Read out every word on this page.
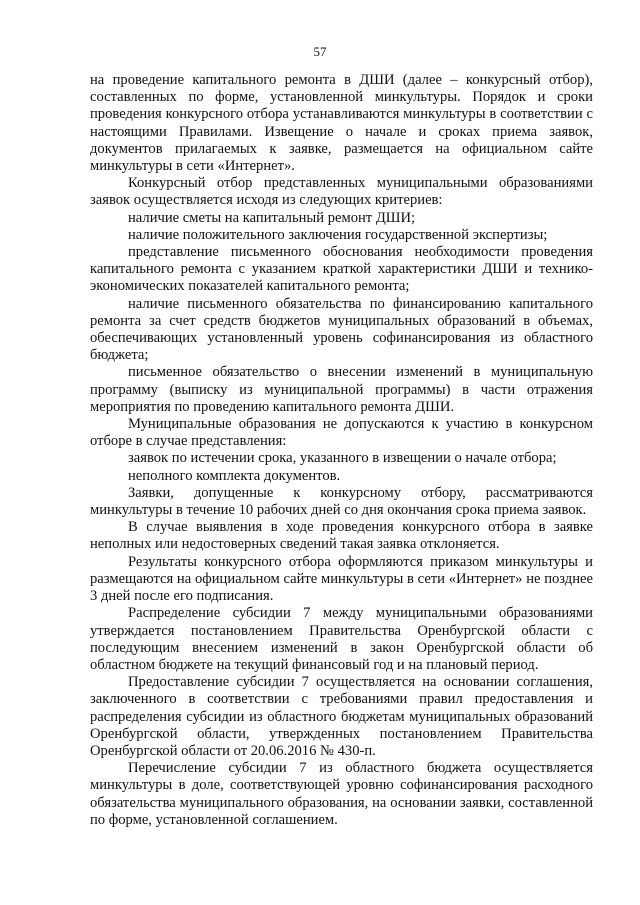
57

на проведение капитального ремонта в ДШИ (далее – конкурсный отбор), составленных по форме, установленной минкультуры. Порядок и сроки проведения конкурсного отбора устанавливаются минкультуры в соответствии с настоящими Правилами. Извещение о начале и сроках приема заявок, документов прилагаемых к заявке, размещается на официальном сайте минкультуры в сети «Интернет».

Конкурсный отбор представленных муниципальными образованиями заявок осуществляется исходя из следующих критериев:

наличие сметы на капитальный ремонт ДШИ;

наличие положительного заключения государственной экспертизы;

представление письменного обоснования необходимости проведения капитального ремонта с указанием краткой характеристики ДШИ и технико-экономических показателей капитального ремонта;

наличие письменного обязательства по финансированию капитального ремонта за счет средств бюджетов муниципальных образований в объемах, обеспечивающих установленный уровень софинансирования из областного бюджета;

письменное обязательство о внесении изменений в муниципальную программу (выписку из муниципальной программы) в части отражения мероприятия по проведению капитального ремонта ДШИ.

Муниципальные образования не допускаются к участию в конкурсном отборе в случае представления:

заявок по истечении срока, указанного в извещении о начале отбора;

неполного комплекта документов.

Заявки, допущенные к конкурсному отбору, рассматриваются минкультуры в течение 10 рабочих дней со дня окончания срока приема заявок.

В случае выявления в ходе проведения конкурсного отбора в заявке неполных или недостоверных сведений такая заявка отклоняется.

Результаты конкурсного отбора оформляются приказом минкультуры и размещаются на официальном сайте минкультуры в сети «Интернет» не позднее 3 дней после его подписания.

Распределение субсидии 7 между муниципальными образованиями утверждается постановлением Правительства Оренбургской области с последующим внесением изменений в закон Оренбургской области об областном бюджете на текущий финансовый год и на плановый период.

Предоставление субсидии 7 осуществляется на основании соглашения, заключенного в соответствии с требованиями правил предоставления и распределения субсидии из областного бюджетам муниципальных образований Оренбургской области, утвержденных постановлением Правительства Оренбургской области от 20.06.2016 № 430-п.

Перечисление субсидии 7 из областного бюджета осуществляется минкультуры в доле, соответствующей уровню софинансирования расходного обязательства муниципального образования, на основании заявки, составленной по форме, установленной соглашением.
